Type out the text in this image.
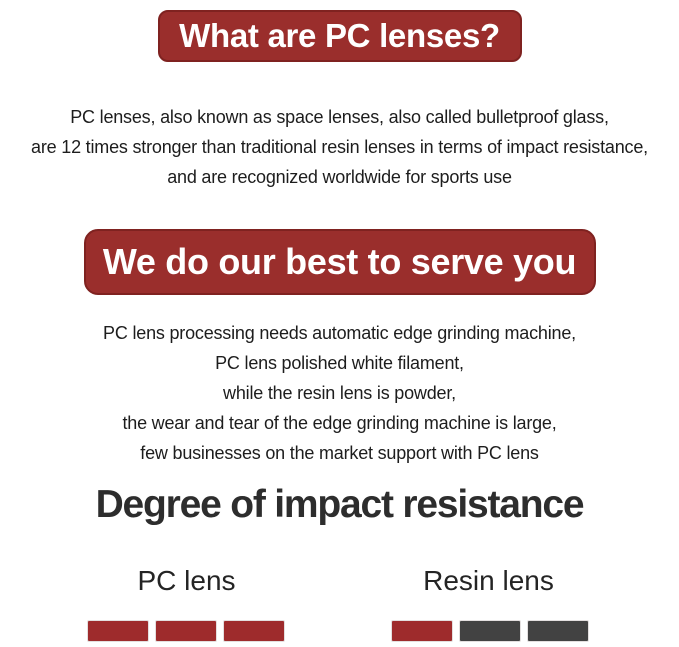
What are PC lenses?
PC lenses, also known as space lenses, also called bulletproof glass,
are 12 times stronger than traditional resin lenses in terms of impact resistance,
and are recognized worldwide for sports use
We do our best to serve you
PC lens processing needs automatic edge grinding machine,
PC lens polished white filament,
while the resin lens is powder,
the wear and tear of the edge grinding machine is large,
few businesses on the market support with PC lens
Degree of impact resistance
PC lens	Resin lens
